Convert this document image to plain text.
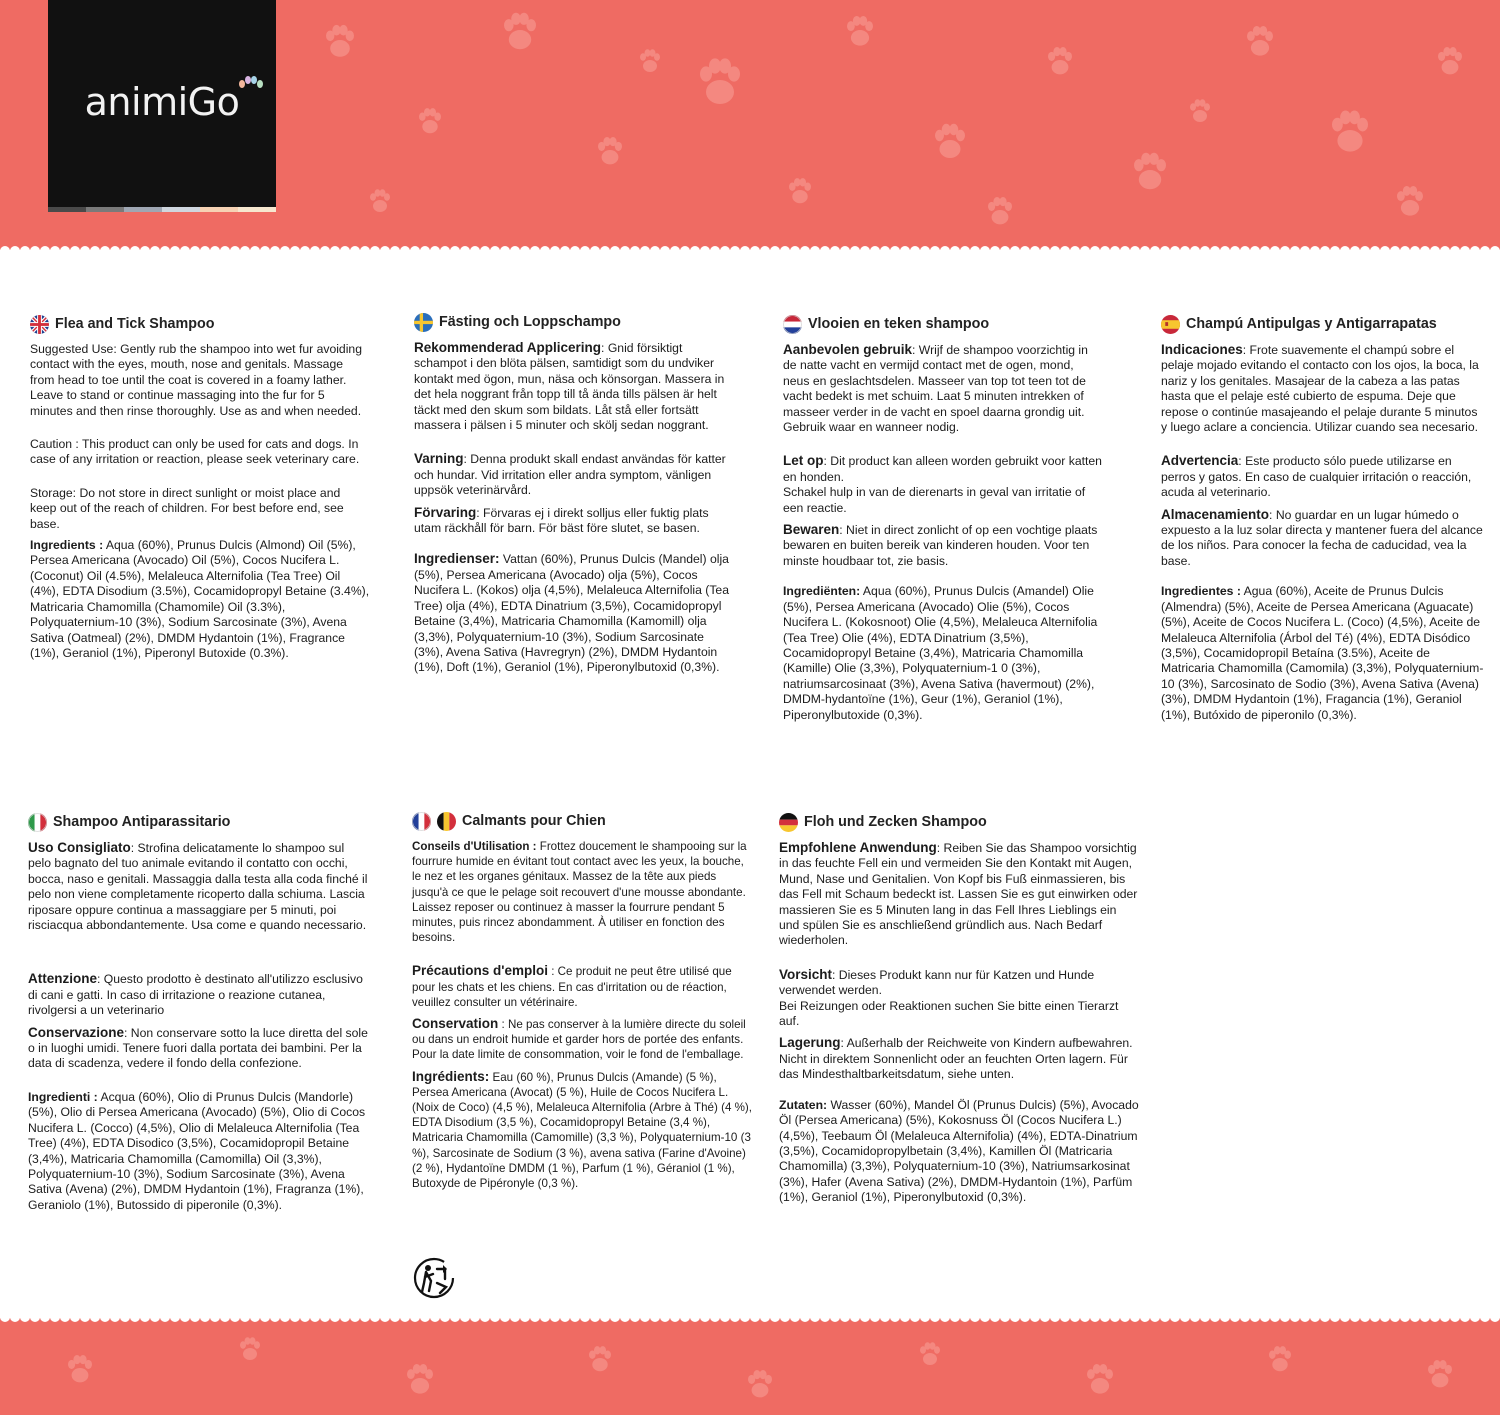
animiGo
Flea and Tick Shampoo
Suggested Use: Gently rub the shampoo into wet fur avoiding contact with the eyes, mouth, nose and genitals. Massage from head to toe until the coat is covered in a foamy lather. Leave to stand or continue massaging into the fur for 5 minutes and then rinse thoroughly. Use as and when needed.
Caution : This product can only be used for cats and dogs. In case of any irritation or reaction, please seek veterinary care.
Storage: Do not store in direct sunlight or moist place and keep out of the reach of children. For best before end, see base.
Ingredients : Aqua (60%), Prunus Dulcis (Almond) Oil (5%), Persea Americana (Avocado) Oil (5%), Cocos Nucifera L. (Coconut) Oil (4.5%), Melaleuca Alternifolia (Tea Tree) Oil (4%), EDTA Disodium (3.5%), Cocamidopropyl Betaine (3.4%), Matricaria Chamomilla (Chamomile) Oil (3.3%), Polyquaternium-10 (3%), Sodium Sarcosinate (3%), Avena Sativa (Oatmeal) (2%), DMDM Hydantoin (1%), Fragrance (1%), Geraniol (1%), Piperonyl Butoxide (0.3%).
Fästing och Loppschampo
Rekommenderad Applicering: Gnid försiktigt schampot i den blöta pälsen, samtidigt som du undviker kontakt med ögon, mun, näsa och könsorgan. Massera in det hela noggrant från topp till tå ända tills pälsen är helt täckt med den skum som bildats. Låt stå eller fortsätt massera i pälsen i 5 minuter och skölj sedan noggrant.
Varning: Denna produkt skall endast användas för katter och hundar. Vid irritation eller andra symptom, vänligen uppsök veterinärvård.
Förvaring: Förvaras ej i direkt solljus eller fuktig plats utam räckhåll för barn. För bäst före slutet, se basen.
Ingredienser: Vattan (60%), Prunus Dulcis (Mandel) olja (5%), Persea Americana (Avocado) olja (5%), Cocos Nucifera L. (Kokos) olja (4,5%), Melaleuca Alternifolia (Tea Tree) olja (4%), EDTA Dinatrium (3,5%), Cocamidopropyl Betaine (3,4%), Matricaria Chamomilla (Kamomill) olja (3,3%), Polyquaternium-10 (3%), Sodium Sarcosinate (3%), Avena Sativa (Havregryn) (2%), DMDM Hydantoin (1%), Doft (1%), Geraniol (1%), Piperonylbutoxid (0,3%).
Vlooien en teken shampoo
Aanbevolen gebruik: Wrijf de shampoo voorzichtig in de natte vacht en vermijd contact met de ogen, mond, neus en geslachtsdelen. Masseer van top tot teen tot de vacht bedekt is met schuim. Laat 5 minuten intrekken of masseer verder in de vacht en spoel daarna grondig uit. Gebruik waar en wanneer nodig.
Let op: Dit product kan alleen worden gebruikt voor katten en honden.
Schakel hulp in van de dierenarts in geval van irritatie of een reactie.
Bewaren: Niet in direct zonlicht of op een vochtige plaats bewaren en buiten bereik van kinderen houden. Voor ten minste houdbaar tot, zie basis.
Ingrediënten: Aqua (60%), Prunus Dulcis (Amandel) Olie (5%), Persea Americana (Avocado) Olie (5%), Cocos Nucifera L. (Kokosnoot) Olie (4,5%), Melaleuca Alternifolia (Tea Tree) Olie (4%), EDTA Dinatrium (3,5%), Cocamidopropyl Betaine (3,4%), Matricaria Chamomilla (Kamille) Olie (3,3%), Polyquaternium-1 0 (3%), natriumsarcosinaat (3%), Avena Sativa (havermout) (2%), DMDM-hydantoïne (1%), Geur (1%), Geraniol (1%), Piperonylbutoxide (0,3%).
Champú Antipulgas y Antigarrapatas
Indicaciones: Frote suavemente el champú sobre el pelaje mojado evitando el contacto con los ojos, la boca, la nariz y los genitales. Masajear de la cabeza a las patas hasta que el pelaje esté cubierto de espuma. Deje que repose o continúe masajeando el pelaje durante 5 minutos y luego aclare a conciencia. Utilizar cuando sea necesario.
Advertencia: Este producto sólo puede utilizarse en perros y gatos. En caso de cualquier irritación o reacción, acuda al veterinario.
Almacenamiento: No guardar en un lugar húmedo o expuesto a la luz solar directa y mantener fuera del alcance de los niños. Para conocer la fecha de caducidad, vea la base.
Ingredientes : Agua (60%), Aceite de Prunus Dulcis (Almendra) (5%), Aceite de Persea Americana (Aguacate) (5%), Aceite de Cocos Nucifera L. (Coco) (4,5%), Aceite de Melaleuca Alternifolia (Árbol del Té) (4%), EDTA Disódico (3,5%), Cocamidopropil Betaína (3.5%), Aceite de Matricaria Chamomilla (Camomila) (3,3%), Polyquaternium-10 (3%), Sarcosinato de Sodio (3%), Avena Sativa (Avena) (3%), DMDM Hydantoin (1%), Fragancia (1%), Geraniol (1%), Butóxido de piperonilo (0,3%).
Shampoo Antiparassitario
Uso Consigliato: Strofina delicatamente lo shampoo sul pelo bagnato del tuo animale evitando il contatto con occhi, bocca, naso e genitali. Massaggia dalla testa alla coda finché il pelo non viene completamente ricoperto dalla schiuma. Lascia riposare oppure continua a massaggiare per 5 minuti, poi risciacqua abbondantemente. Usa come e quando necessario.
Attenzione: Questo prodotto è destinato all'utilizzo esclusivo di cani e gatti. In caso di irritazione o reazione cutanea, rivolgersi a un veterinario
Conservazione: Non conservare sotto la luce diretta del sole o in luoghi umidi. Tenere fuori dalla portata dei bambini. Per la data di scadenza, vedere il fondo della confezione.
Ingredienti : Acqua (60%), Olio di Prunus Dulcis (Mandorle) (5%), Olio di Persea Americana (Avocado) (5%), Olio di Cocos Nucifera L. (Cocco) (4,5%), Olio di Melaleuca Alternifolia (Tea Tree) (4%), EDTA Disodico (3,5%), Cocamidopropil Betaine (3,4%), Matricaria Chamomilla (Camomilla) Oil (3,3%), Polyquaternium-10 (3%), Sodium Sarcosinate (3%), Avena Sativa (Avena) (2%), DMDM Hydantoin (1%), Fragranza (1%), Geraniolo (1%), Butossido di piperonile (0,3%).
Calmants pour Chien
Conseils d'Utilisation : Frottez doucement le shampooing sur la fourrure humide en évitant tout contact avec les yeux, la bouche, le nez et les organes génitaux. Massez de la tête aux pieds jusqu'à ce que le pelage soit recouvert d'une mousse abondante. Laissez reposer ou continuez à masser la fourrure pendant 5 minutes, puis rincez abondamment. À utiliser en fonction des besoins.
Précautions d'emploi : Ce produit ne peut être utilisé que pour les chats et les chiens. En cas d'irritation ou de réaction, veuillez consulter un vétérinaire.
Conservation : Ne pas conserver à la lumière directe du soleil ou dans un endroit humide et garder hors de portée des enfants. Pour la date limite de consommation, voir le fond de l'emballage.
Ingrédients: Eau (60 %), Prunus Dulcis (Amande) (5 %), Persea Americana (Avocat) (5 %), Huile de Cocos Nucifera L. (Noix de Coco) (4,5 %), Melaleuca Alternifolia (Arbre à Thé) (4 %), EDTA Disodium (3,5 %), Cocamidopropyl Betaine (3,4 %), Matricaria Chamomilla (Camomille) (3,3 %), Polyquaternium-10 (3 %), Sarcosinate de Sodium (3 %), avena sativa (Farine d'Avoine) (2 %), Hydantoïne DMDM (1 %), Parfum (1 %), Géraniol (1 %), Butoxyde de Pipéronyle (0,3 %).
Floh und Zecken Shampoo
Empfohlene Anwendung: Reiben Sie das Shampoo vorsichtig in das feuchte Fell ein und vermeiden Sie den Kontakt mit Augen, Mund, Nase und Genitalien. Von Kopf bis Fuß einmassieren, bis das Fell mit Schaum bedeckt ist. Lassen Sie es gut einwirken oder massieren Sie es 5 Minuten lang in das Fell Ihres Lieblings ein und spülen Sie es anschließend gründlich aus. Nach Bedarf wiederholen.
Vorsicht: Dieses Produkt kann nur für Katzen und Hunde verwendet werden.
Bei Reizungen oder Reaktionen suchen Sie bitte einen Tierarzt auf.
Lagerung: Außerhalb der Reichweite von Kindern aufbewahren. Nicht in direktem Sonnenlicht oder an feuchten Orten lagern. Für das Mindesthaltbarkeitsdatum, siehe unten.
Zutaten: Wasser (60%), Mandel Öl (Prunus Dulcis) (5%), Avocado Öl (Persea Americana) (5%), Kokosnuss Öl (Cocos Nucifera L.) (4,5%), Teebaum Öl (Melaleuca Alternifolia) (4%), EDTA-Dinatrium (3,5%), Cocamidopropylbetain (3,4%), Kamillen Öl (Matricaria Chamomilla) (3,3%), Polyquaternium-10 (3%), Natriumsarkosinat (3%), Hafer (Avena Sativa) (2%), DMDM-Hydantoin (1%), Parfüm (1%), Geraniol (1%), Piperonylbutoxid (0,3%).
